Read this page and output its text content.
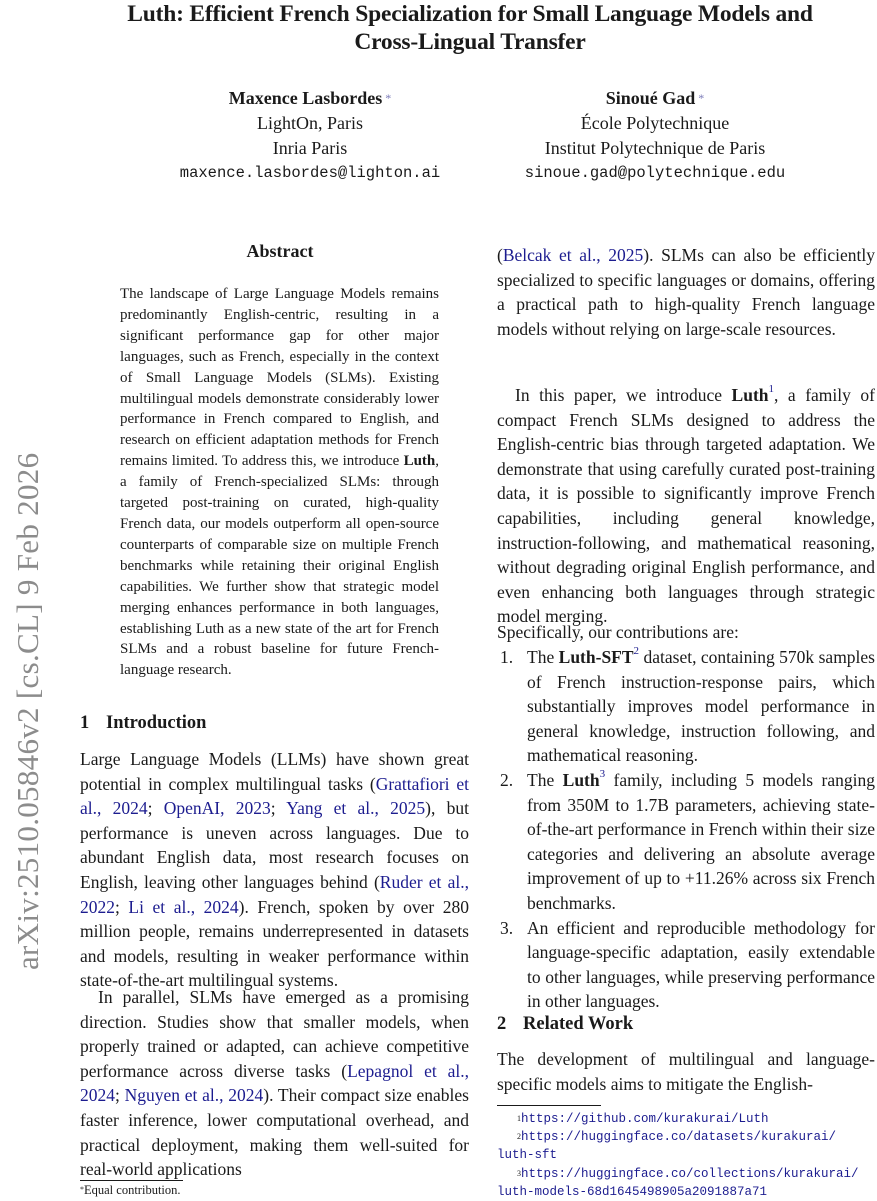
Luth: Efficient French Specialization for Small Language Models and
Cross-Lingual Transfer
Maxence Lasbordes *
LightOn, Paris
Inria Paris
maxence.lasbordes@lighton.ai
Sinoué Gad *
École Polytechnique
Institut Polytechnique de Paris
sinoue.gad@polytechnique.edu
arXiv:2510.05846v2 [cs.CL] 9 Feb 2026
Abstract
The landscape of Large Language Models remains predominantly English-centric, resulting in a significant performance gap for other major languages, such as French, especially in the context of Small Language Models (SLMs). Existing multilingual models demonstrate considerably lower performance in French compared to English, and research on efficient adaptation methods for French remains limited. To address this, we introduce Luth, a family of French-specialized SLMs: through targeted post-training on curated, high-quality French data, our models outperform all open-source counterparts of comparable size on multiple French benchmarks while retaining their original English capabilities. We further show that strategic model merging enhances performance in both languages, establishing Luth as a new state of the art for French SLMs and a robust baseline for future French-language research.
1 Introduction
Large Language Models (LLMs) have shown great potential in complex multilingual tasks (Grattafiori et al., 2024; OpenAI, 2023; Yang et al., 2025), but performance is uneven across languages. Due to abundant English data, most research focuses on English, leaving other languages behind (Ruder et al., 2022; Li et al., 2024). French, spoken by over 280 million people, remains underrepresented in datasets and models, resulting in weaker performance within state-of-the-art multilingual systems.
In parallel, SLMs have emerged as a promising direction. Studies show that smaller models, when properly trained or adapted, can achieve competitive performance across diverse tasks (Lepagnol et al., 2024; Nguyen et al., 2024). Their compact size enables faster inference, lower computational overhead, and practical deployment, making them well-suited for real-world applications
*Equal contribution.
(Belcak et al., 2025). SLMs can also be efficiently specialized to specific languages or domains, offering a practical path to high-quality French language models without relying on large-scale resources.
In this paper, we introduce Luth$^1$, a family of compact French SLMs designed to address the English-centric bias through targeted adaptation. We demonstrate that using carefully curated post-training data, it is possible to significantly improve French capabilities, including general knowledge, instruction-following, and mathematical reasoning, without degrading original English performance, and even enhancing both languages through strategic model merging.
Specifically, our contributions are:
1. The Luth-SFT$^2$ dataset, containing 570k samples of French instruction-response pairs, which substantially improves model performance in general knowledge, instruction following, and mathematical reasoning.
2. The Luth$^3$ family, including 5 models ranging from 350M to 1.7B parameters, achieving state-of-the-art performance in French within their size categories and delivering an absolute average improvement of up to +11.26% across six French benchmarks.
3. An efficient and reproducible methodology for language-specific adaptation, easily extendable to other languages, while preserving performance in other languages.
2 Related Work
The development of multilingual and language-specific models aims to mitigate the English-
$^1$https://github.com/kurakurai/Luth
$^2$https://huggingface.co/datasets/kurakurai/
luth-sft
$^3$https://huggingface.co/collections/kurakurai/
luth-models-68d1645498905a2091887a71
